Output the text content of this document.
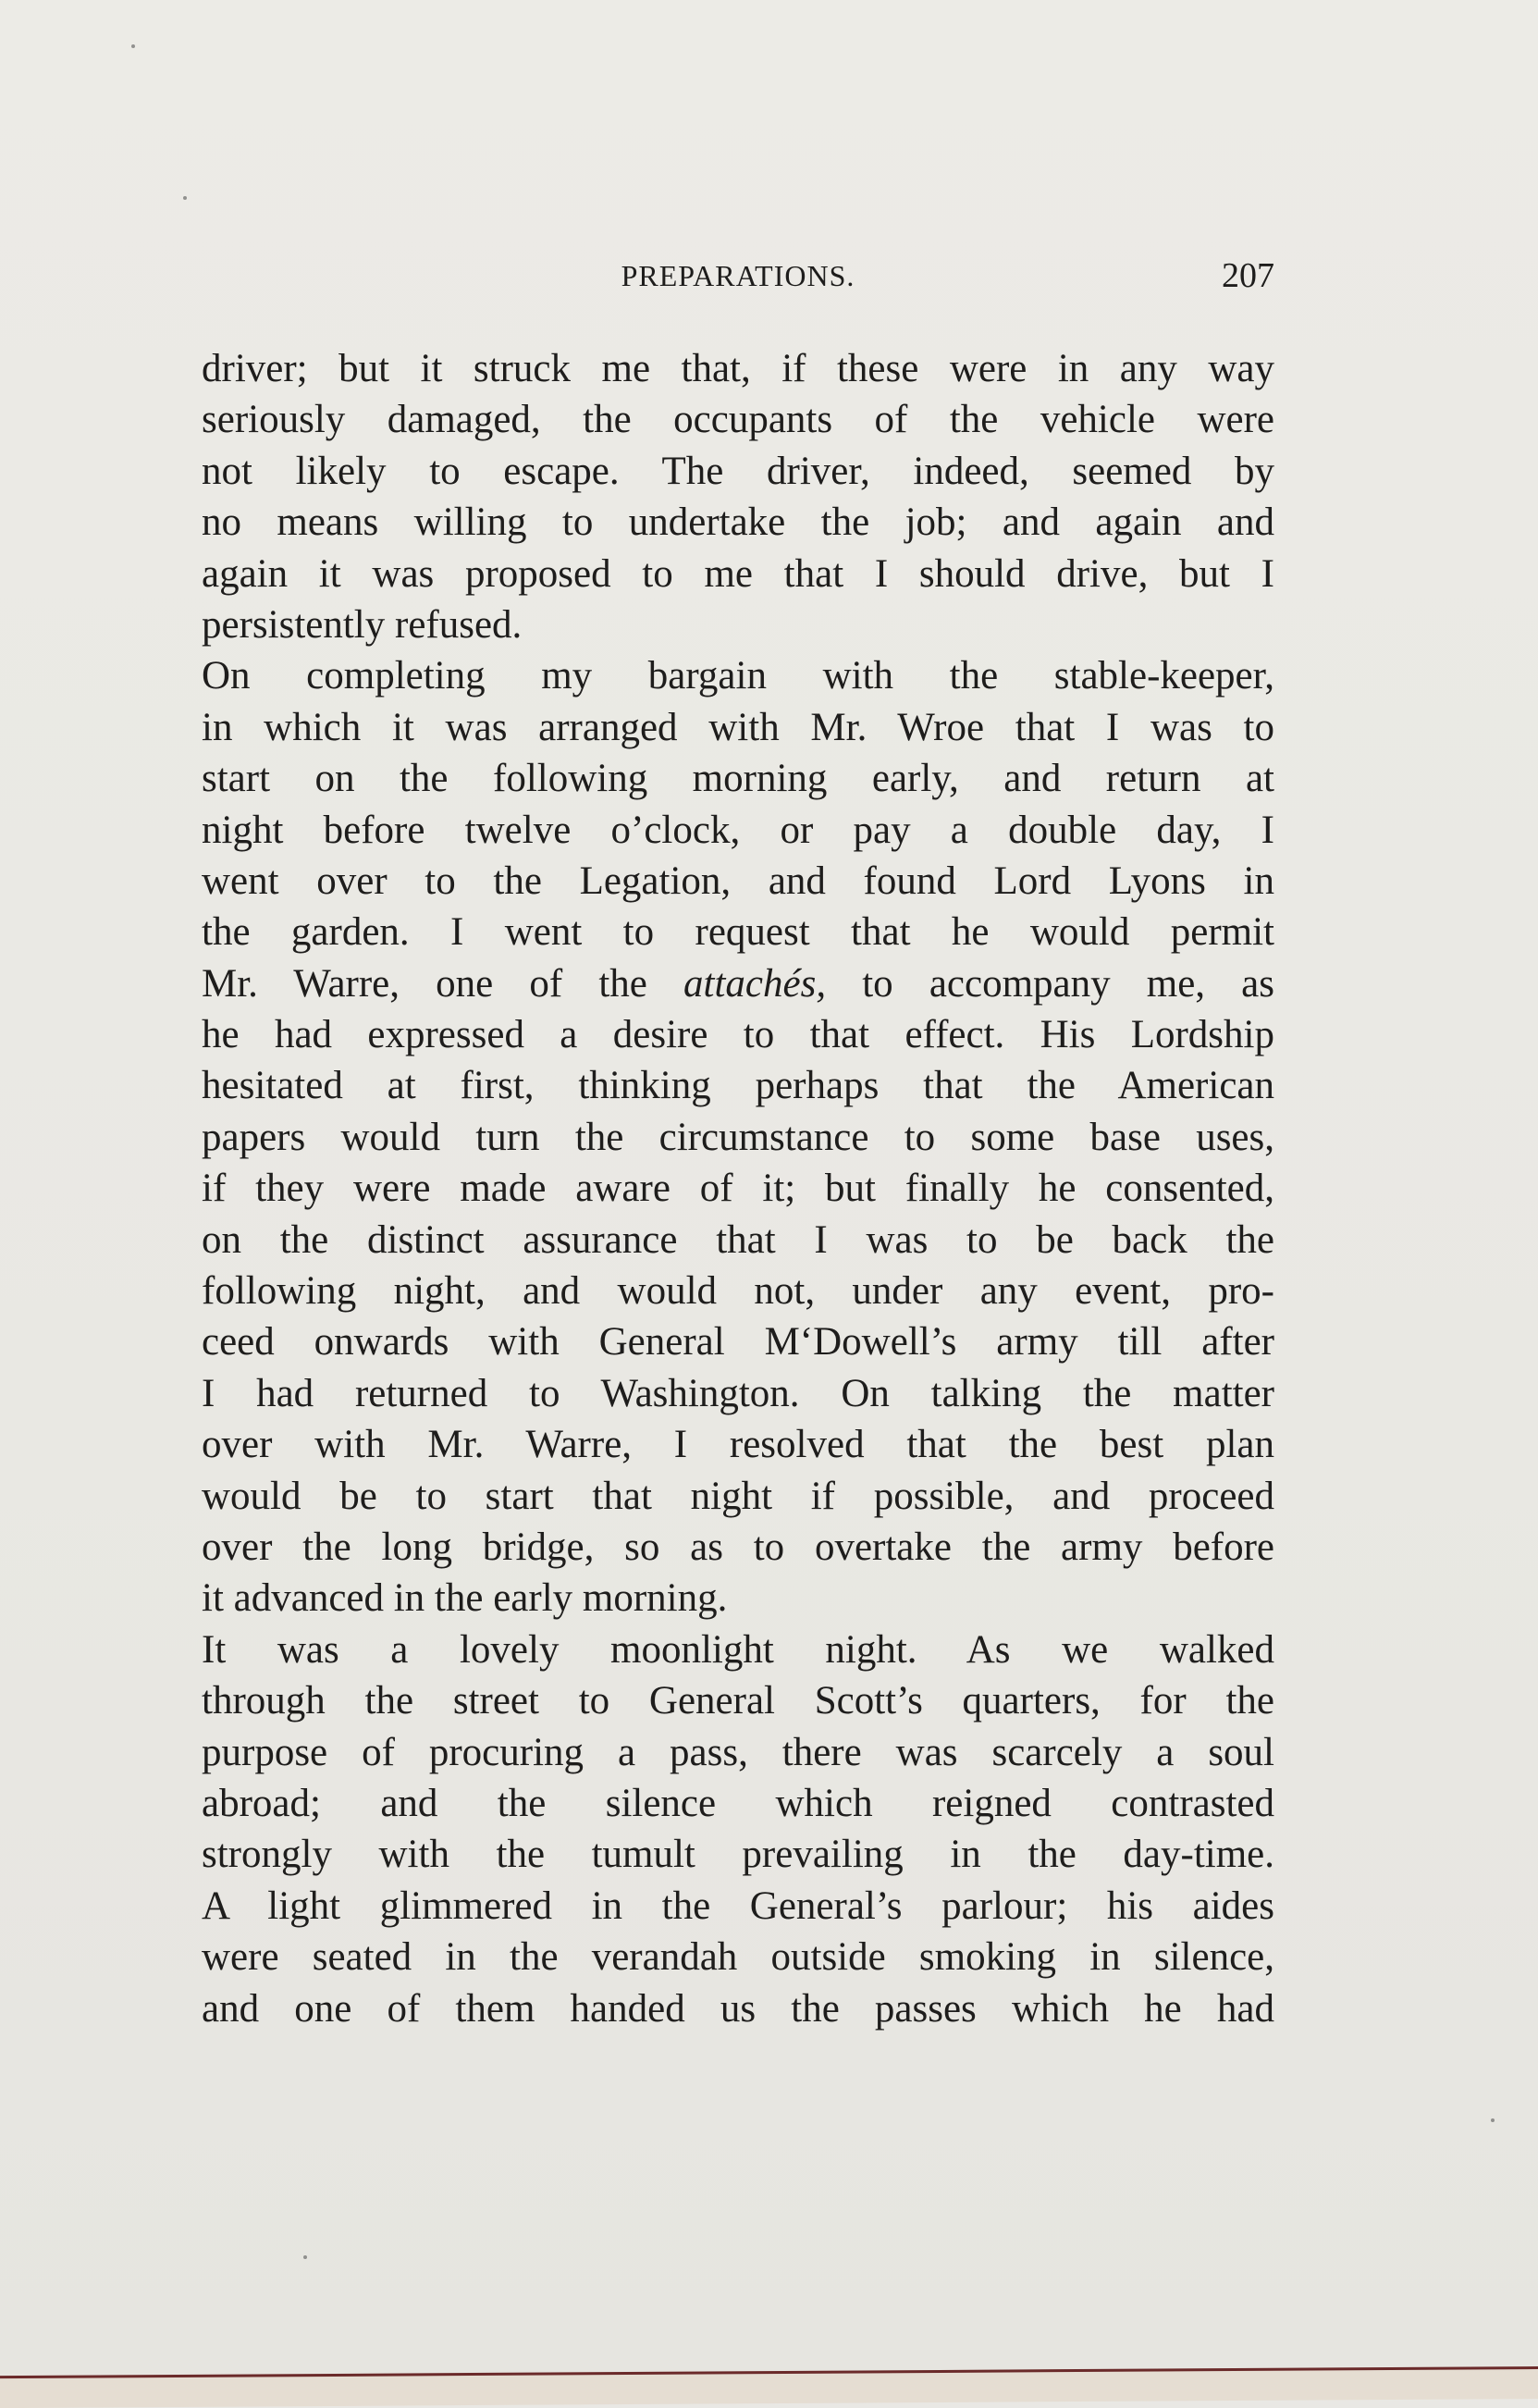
PREPARATIONS.	207
driver; but it struck me that, if these were in any way
seriously damaged, the occupants of the vehicle were
not likely to escape. The driver, indeed, seemed by
no means willing to undertake the job; and again and
again it was proposed to me that I should drive, but I
persistently refused.
On completing my bargain with the stable-keeper,
in which it was arranged with Mr. Wroe that I was to
start on the following morning early, and return at
night before twelve o’clock, or pay a double day, I
went over to the Legation, and found Lord Lyons in
the garden. I went to request that he would permit
Mr. Warre, one of the attachés, to accompany me, as
he had expressed a desire to that effect. His Lordship
hesitated at first, thinking perhaps that the American
papers would turn the circumstance to some base uses,
if they were made aware of it; but finally he consented,
on the distinct assurance that I was to be back the
following night, and would not, under any event, pro-
ceed onwards with General M‘Dowell’s army till after
I had returned to Washington. On talking the matter
over with Mr. Warre, I resolved that the best plan
would be to start that night if possible, and proceed
over the long bridge, so as to overtake the army before
it advanced in the early morning.
It was a lovely moonlight night. As we walked
through the street to General Scott’s quarters, for the
purpose of procuring a pass, there was scarcely a soul
abroad; and the silence which reigned contrasted
strongly with the tumult prevailing in the day-time.
A light glimmered in the General’s parlour; his aides
were seated in the verandah outside smoking in silence,
and one of them handed us the passes which he had
